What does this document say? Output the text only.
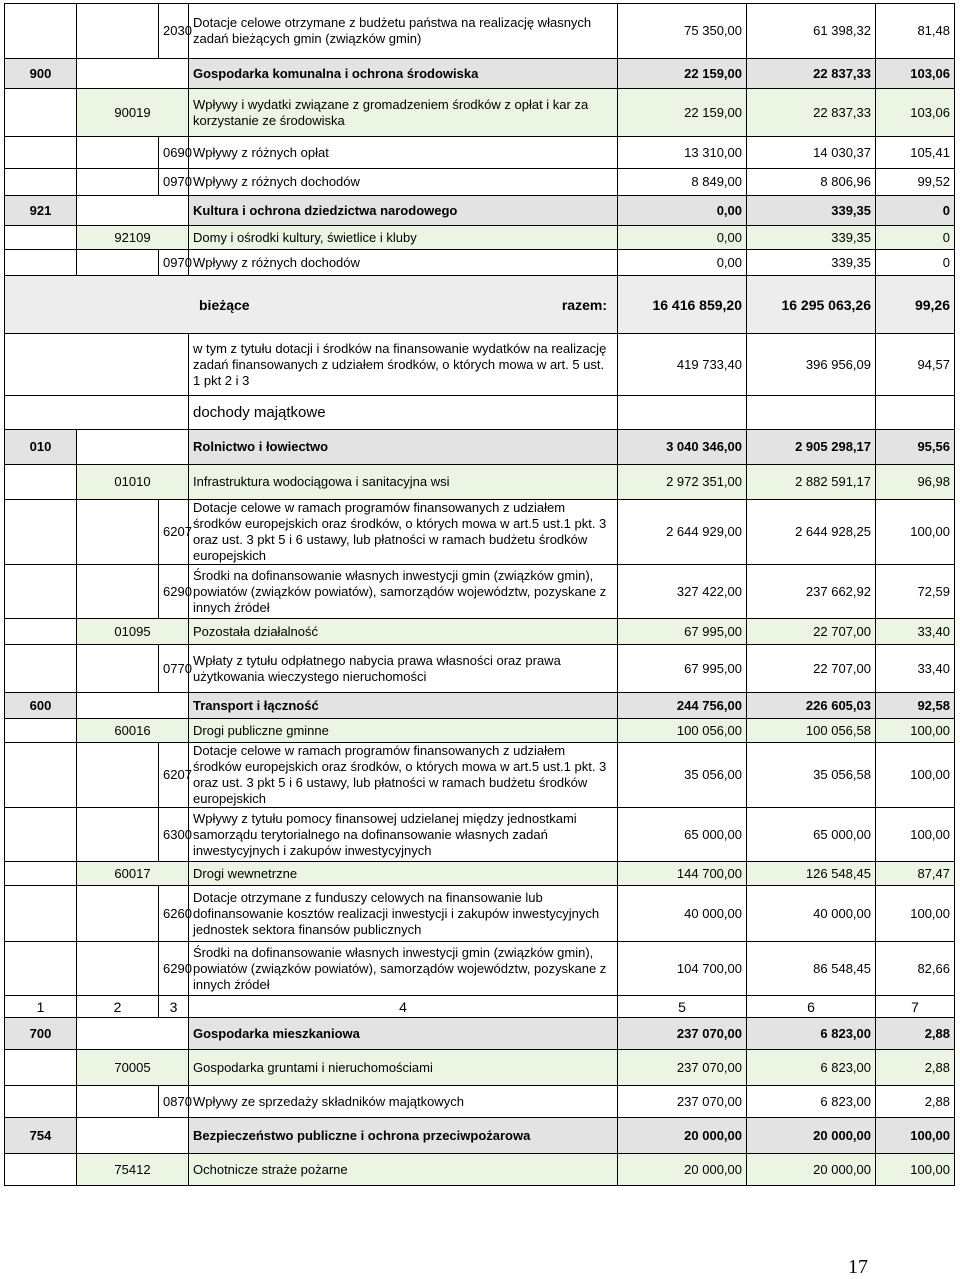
		2030	Dotacje celowe otrzymane z budżetu państwa na realizację własnych zadań bieżących gmin (związków gmin)	75 350,00	61 398,32	81,48
900			Gospodarka komunalna i ochrona środowiska	22 159,00	22 837,33	103,06
	90019		Wpływy i wydatki związane z gromadzeniem środków z opłat i kar za korzystanie ze środowiska	22 159,00	22 837,33	103,06
		0690	Wpływy z różnych opłat	13 310,00	14 030,37	105,41
		0970	Wpływy z różnych dochodów	8 849,00	8 806,96	99,52
921			Kultura i ochrona dziedzictwa narodowego	0,00	339,35	0
	92109		Domy i ośrodki kultury, świetlice i kluby	0,00	339,35	0
		0970	Wpływy z różnych dochodów	0,00	339,35	0

bieżące razem:				16 416 859,20	16 295 063,26	99,26
			w tym z tytułu dotacji i środków na finansowanie wydatków na realizację zadań finansowanych z udziałem środków, o których mowa w art. 5 ust. 1 pkt 2 i 3	419 733,40	396 956,09	94,57
			dochody majątkowe			
010			Rolnictwo i łowiectwo	3 040 346,00	2 905 298,17	95,56
	01010		Infrastruktura wodociągowa i sanitacyjna wsi	2 972 351,00	2 882 591,17	96,98
		6207	Dotacje celowe w ramach programów finansowanych z udziałem środków europejskich oraz środków, o których mowa w art.5 ust.1 pkt. 3 oraz ust. 3 pkt 5 i 6 ustawy, lub płatności w ramach budżetu środków europejskich	2 644 929,00	2 644 928,25	100,00
		6290	Środki na dofinansowanie własnych inwestycji gmin (związków gmin), powiatów (związków powiatów), samorządów województw, pozyskane z innych źródeł	327 422,00	237 662,92	72,59
	01095		Pozostała działalność	67 995,00	22 707,00	33,40
		0770	Wpłaty z tytułu odpłatnego nabycia prawa własności oraz prawa użytkowania wieczystego nieruchomości	67 995,00	22 707,00	33,40
600			Transport i łączność	244 756,00	226 605,03	92,58
	60016		Drogi publiczne gminne	100 056,00	100 056,58	100,00
		6207	Dotacje celowe w ramach programów finansowanych z udziałem środków europejskich oraz środków, o których mowa w art.5 ust.1 pkt. 3 oraz ust. 3 pkt 5 i 6 ustawy, lub płatności w ramach budżetu środków europejskich	35 056,00	35 056,58	100,00
		6300	Wpływy z tytułu pomocy finansowej udzielanej między jednostkami samorządu terytorialnego na dofinansowanie własnych zadań inwestycyjnych i zakupów inwestycyjnych	65 000,00	65 000,00	100,00
	60017		Drogi wewnetrzne	144 700,00	126 548,45	87,47
		6260	Dotacje otrzymane z funduszy celowych na finansowanie lub dofinansowanie kosztów realizacji inwestycji i zakupów inwestycyjnych jednostek sektora finansów publicznych	40 000,00	40 000,00	100,00
		6290	Środki na dofinansowanie własnych inwestycji gmin (związków gmin), powiatów (związków powiatów), samorządów województw, pozyskane z innych źródeł	104 700,00	86 548,45	82,66
1	2	3	4	5	6	7
700			Gospodarka mieszkaniowa	237 070,00	6 823,00	2,88
	70005		Gospodarka gruntami i nieruchomościami	237 070,00	6 823,00	2,88
		0870	Wpływy ze sprzedaży składników majątkowych	237 070,00	6 823,00	2,88
754			Bezpieczeństwo publiczne i ochrona przeciwpożarowa	20 000,00	20 000,00	100,00
	75412		Ochotnicze straże pożarne	20 000,00	20 000,00	100,00
17
